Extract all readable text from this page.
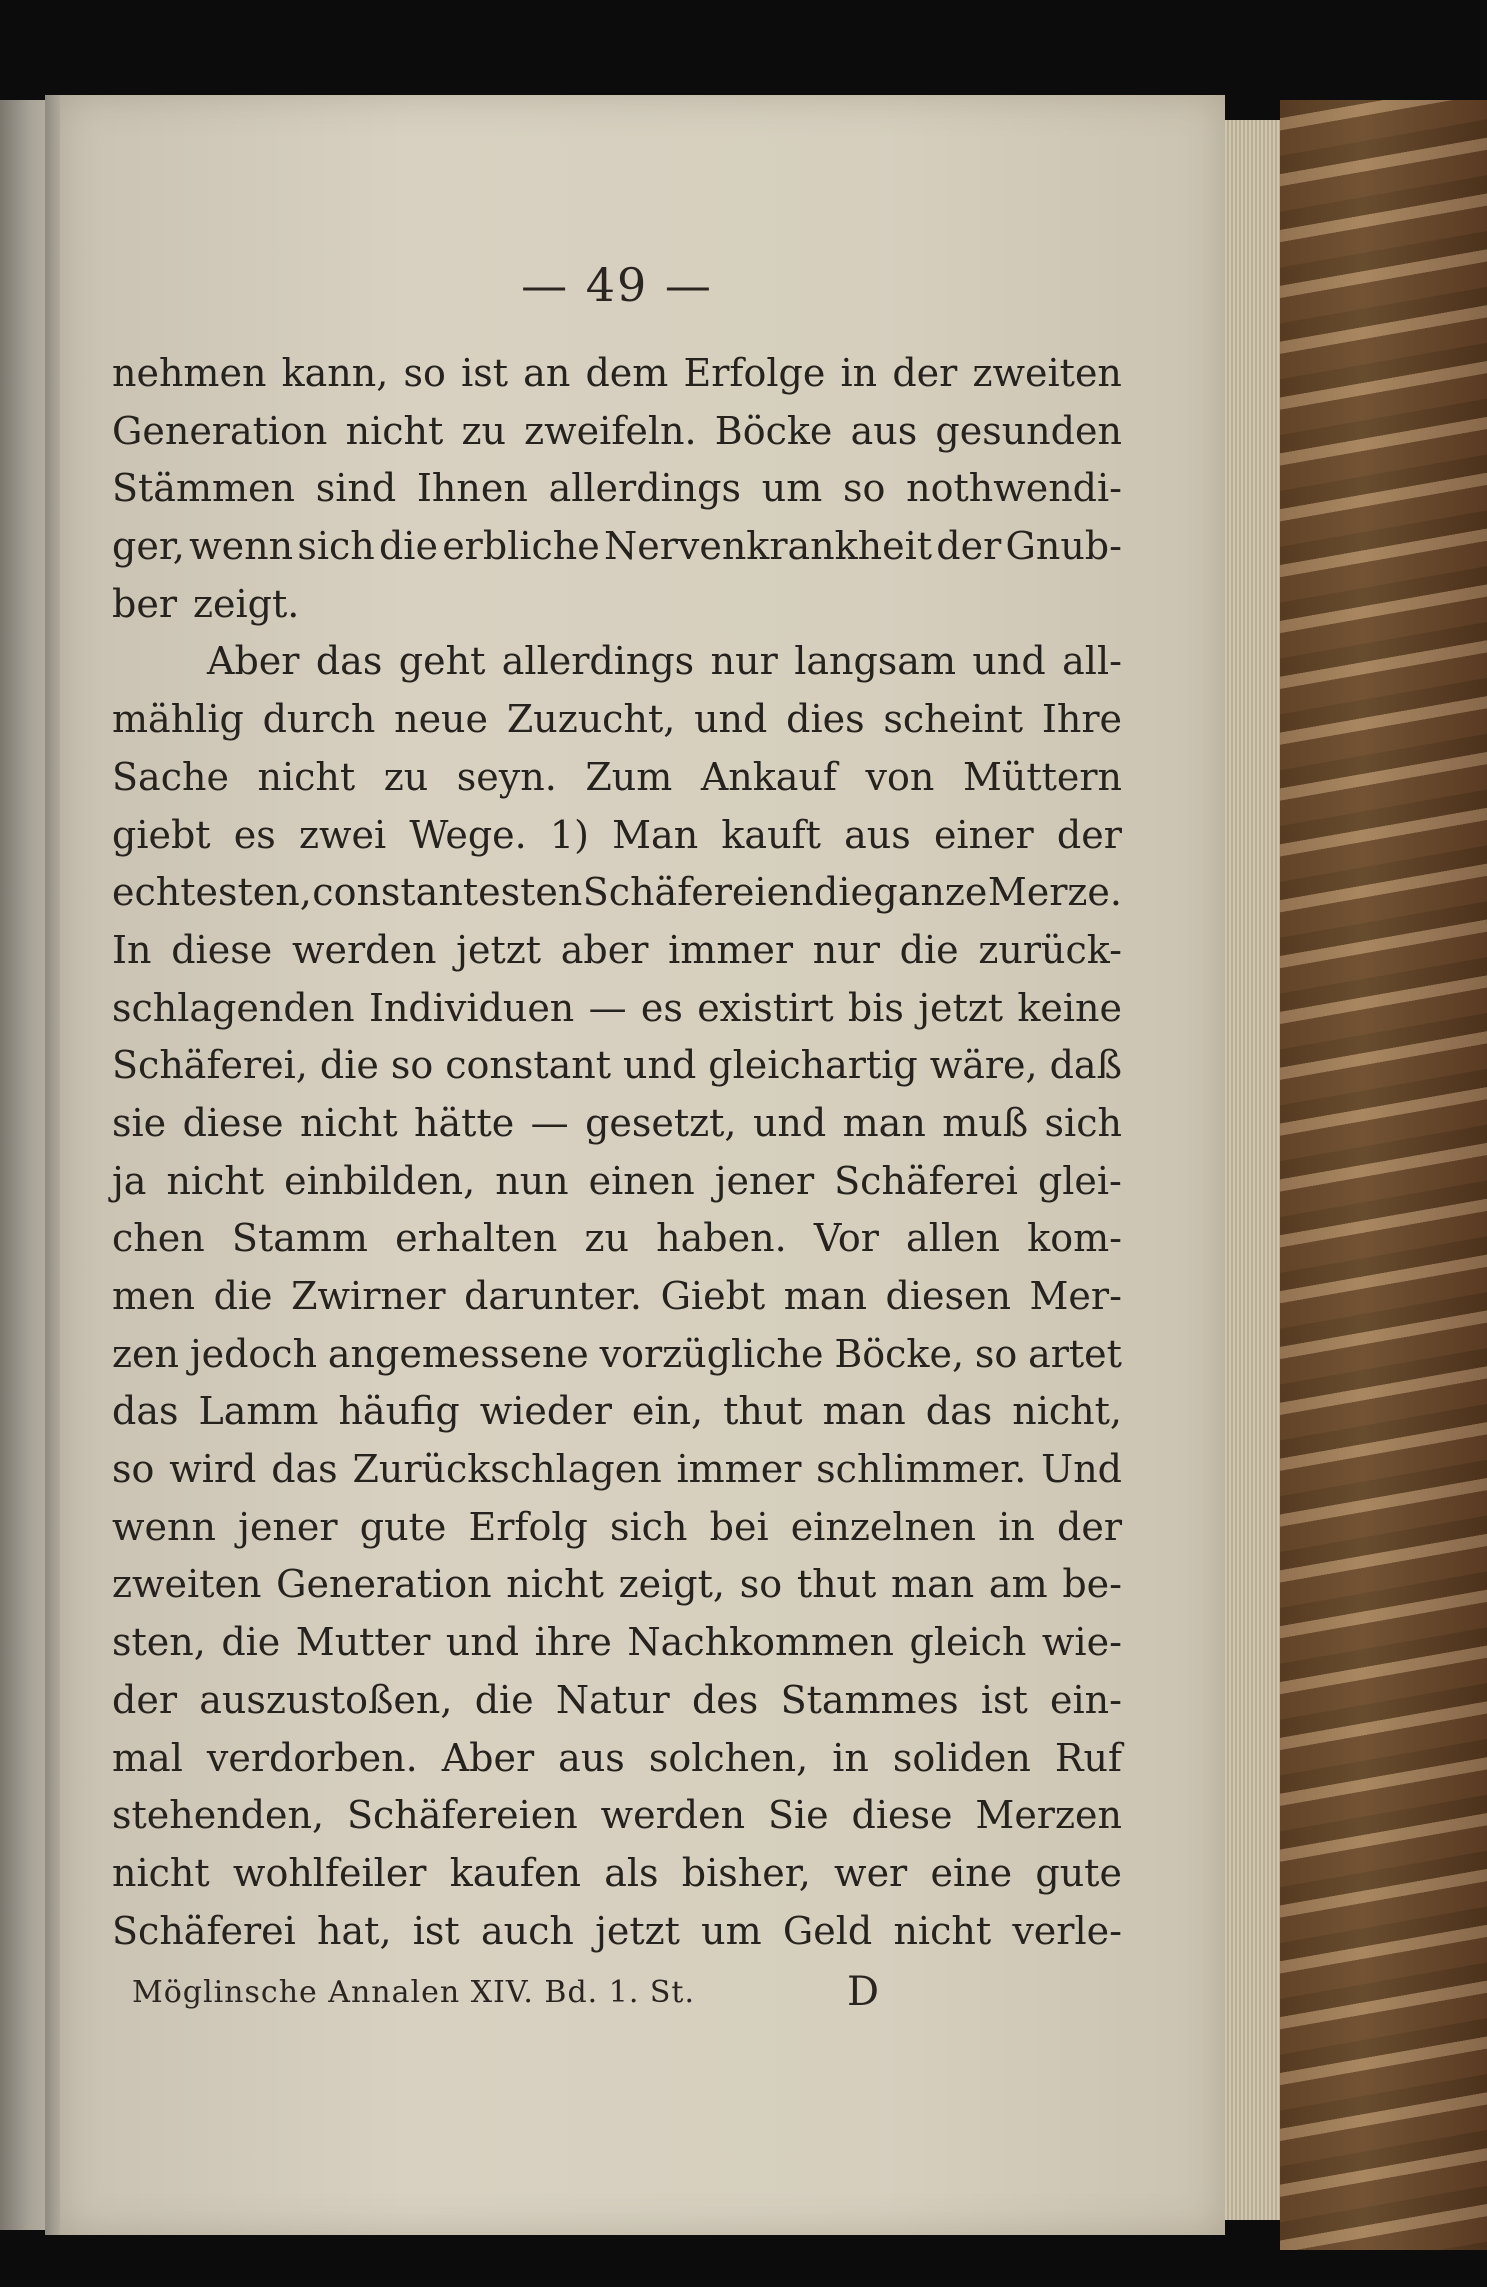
— 49 —
nehmen kann, so ist an dem Erfolge in der zweiten
Generation nicht zu zweifeln. Böcke aus gesunden
Stämmen sind Ihnen allerdings um so nothwendi-
ger, wenn sich die erbliche Nervenkrankheit der Gnub-
ber zeigt.
Aber das geht allerdings nur langsam und all-
mählig durch neue Zuzucht, und dies scheint Ihre
Sache nicht zu seyn. Zum Ankauf von Müttern
giebt es zwei Wege. 1) Man kauft aus einer der
echtesten, constantesten Schäfereien die ganze Merze.
In diese werden jetzt aber immer nur die zurück-
schlagenden Individuen — es existirt bis jetzt keine
Schäferei, die so constant und gleichartig wäre, daß
sie diese nicht hätte — gesetzt, und man muß sich
ja nicht einbilden, nun einen jener Schäferei glei-
chen Stamm erhalten zu haben. Vor allen kom-
men die Zwirner darunter. Giebt man diesen Mer-
zen jedoch angemessene vorzügliche Böcke, so artet
das Lamm häufig wieder ein, thut man das nicht,
so wird das Zurückschlagen immer schlimmer. Und
wenn jener gute Erfolg sich bei einzelnen in der
zweiten Generation nicht zeigt, so thut man am be-
sten, die Mutter und ihre Nachkommen gleich wie-
der auszustoßen, die Natur des Stammes ist ein-
mal verdorben. Aber aus solchen, in soliden Ruf
stehenden, Schäfereien werden Sie diese Merzen
nicht wohlfeiler kaufen als bisher, wer eine gute
Schäferei hat, ist auch jetzt um Geld nicht verle-
Möglinsche Annalen XIV. Bd. 1. St.	D
